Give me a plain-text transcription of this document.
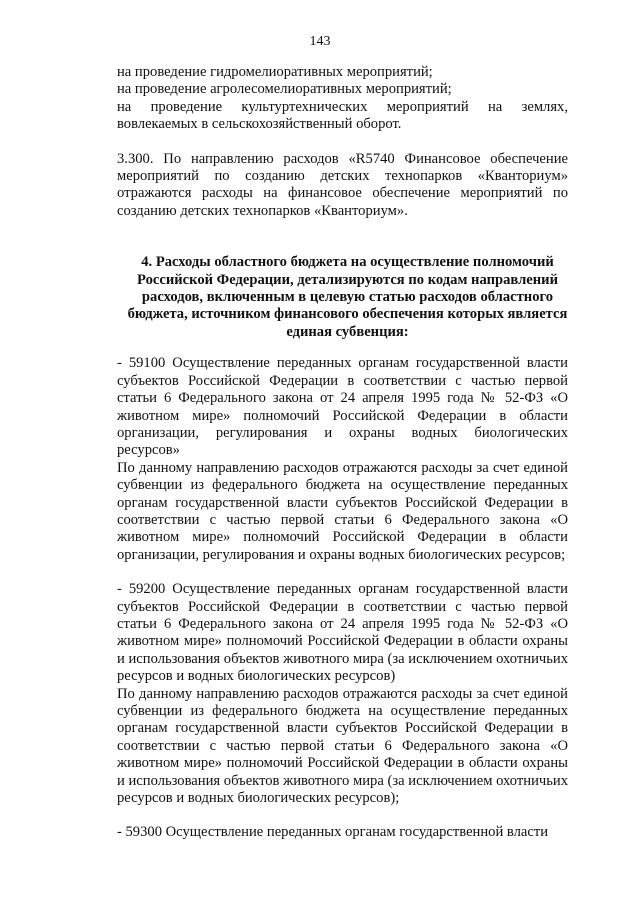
143

на проведение гидромелиоративных мероприятий;

на проведение агролесомелиоративных мероприятий;

на проведение культуртехнических мероприятий на землях, вовлекаемых в сельскохозяйственный оборот.

3.300. По направлению расходов «R5740 Финансовое обеспечение мероприятий по созданию детских технопарков «Кванториум» отражаются расходы на финансовое обеспечение мероприятий по созданию детских технопарков «Кванториум».

4. Расходы областного бюджета на осуществление полномочий
Российской Федерации, детализируются по кодам направлений
расходов, включенным в целевую статью расходов областного
бюджета, источником финансового обеспечения которых является
единая субвенция:

- 59100 Осуществление переданных органам государственной власти субъектов Российской Федерации в соответствии с частью первой статьи 6 Федерального закона от 24 апреля 1995 года № 52-ФЗ «О животном мире» полномочий Российской Федерации в области организации, регулирования и охраны водных биологических ресурсов»

По данному направлению расходов отражаются расходы за счет единой субвенции из федерального бюджета на осуществление переданных органам государственной власти субъектов Российской Федерации в соответствии с частью первой статьи 6 Федерального закона «О животном мире» полномочий Российской Федерации в области организации, регулирования и охраны водных биологических ресурсов;

- 59200 Осуществление переданных органам государственной власти субъектов Российской Федерации в соответствии с частью первой статьи 6 Федерального закона от 24 апреля 1995 года № 52-ФЗ «О животном мире» полномочий Российской Федерации в области охраны и использования объектов животного мира (за исключением охотничьих ресурсов и водных биологических ресурсов)

По данному направлению расходов отражаются расходы за счет единой субвенции из федерального бюджета на осуществление переданных органам государственной власти субъектов Российской Федерации в соответствии с частью первой статьи 6 Федерального закона «О животном мире» полномочий Российской Федерации в области охраны и использования объектов животного мира (за исключением охотничьих ресурсов и водных биологических ресурсов);

- 59300 Осуществление переданных органам государственной власти
